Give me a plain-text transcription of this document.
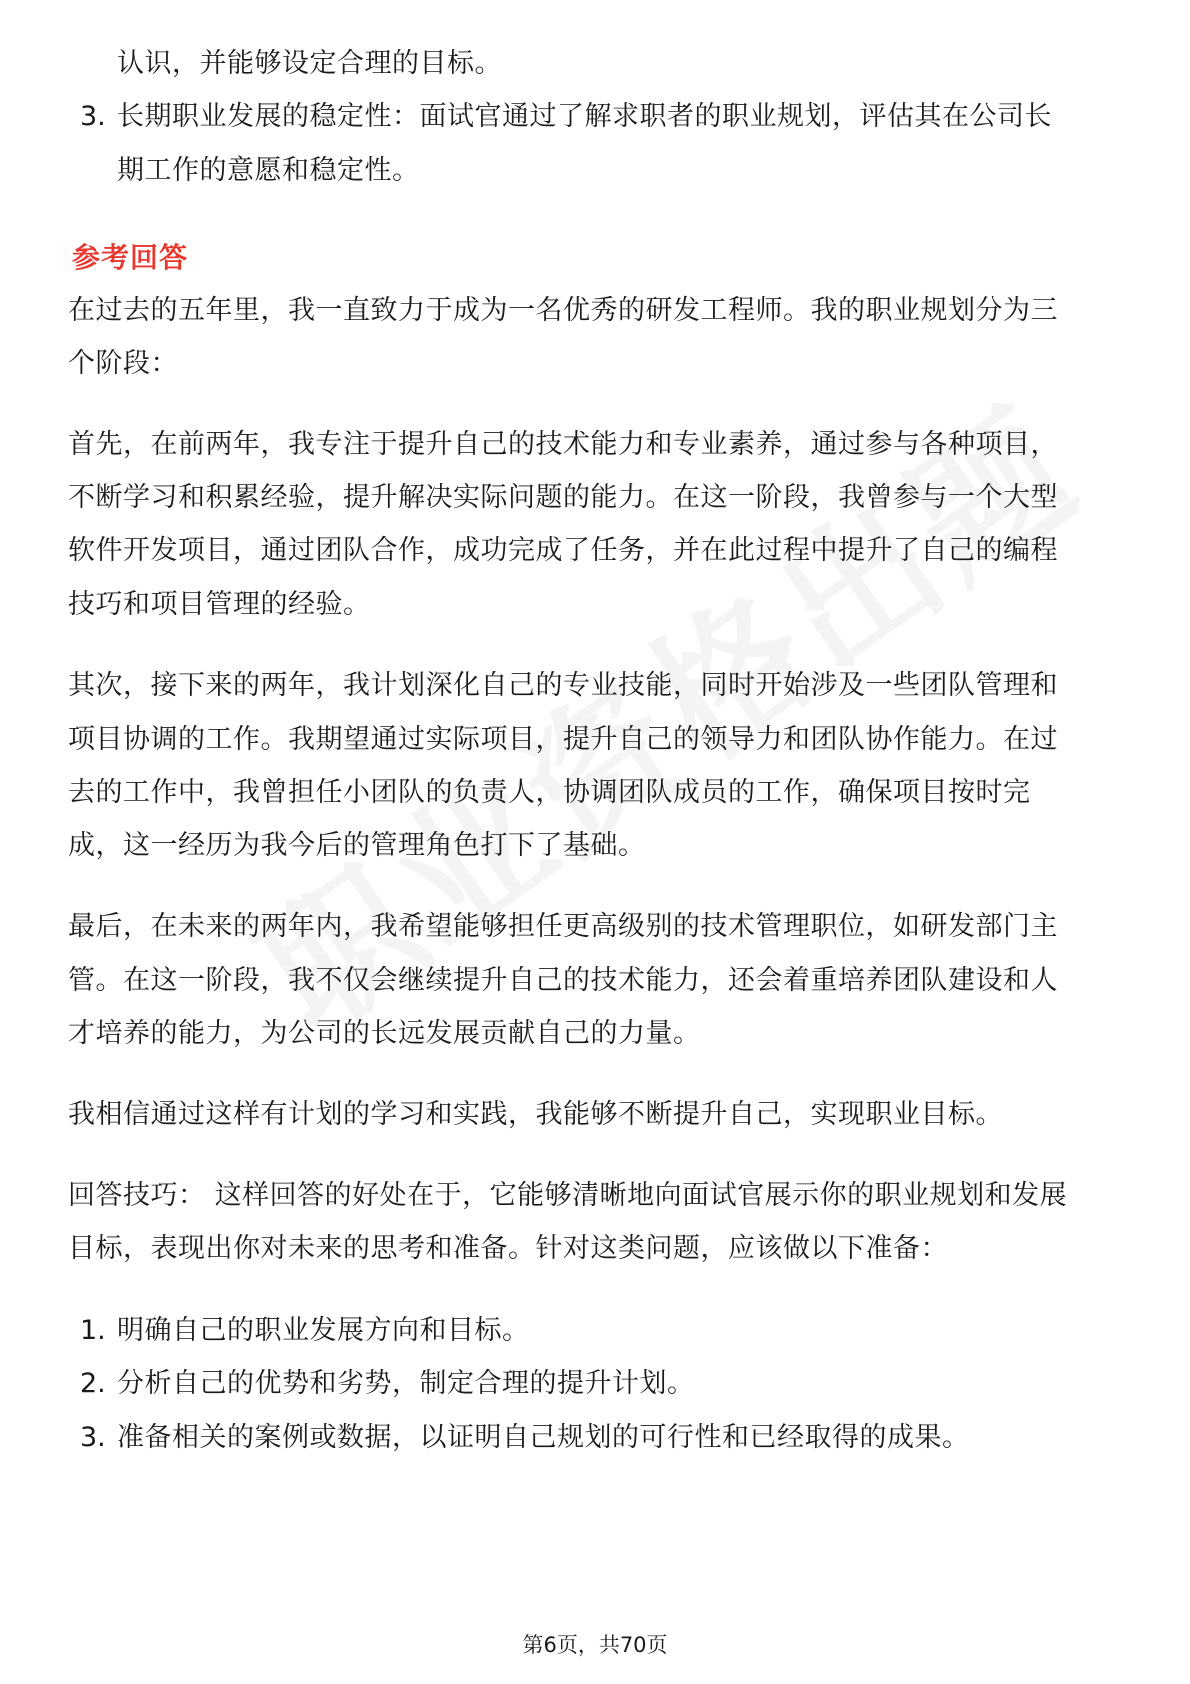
认识，并能够设定合理的目标。
3. 长期职业发展的稳定性：面试官通过了解求职者的职业规划，评估其在公司长
期工作的意愿和稳定性。
参考回答
在过去的五年里，我一直致力于成为一名优秀的研发工程师。我的职业规划分为三
个阶段：
首先，在前两年，我专注于提升自己的技术能力和专业素养，通过参与各种项目，
不断学习和积累经验，提升解决实际问题的能力。在这一阶段，我曾参与一个大型
软件开发项目，通过团队合作，成功完成了任务，并在此过程中提升了自己的编程
技巧和项目管理的经验。
其次，接下来的两年，我计划深化自己的专业技能，同时开始涉及一些团队管理和
项目协调的工作。我期望通过实际项目，提升自己的领导力和团队协作能力。在过
去的工作中，我曾担任小团队的负责人，协调团队成员的工作，确保项目按时完
成，这一经历为我今后的管理角色打下了基础。
最后，在未来的两年内，我希望能够担任更高级别的技术管理职位，如研发部门主
管。在这一阶段，我不仅会继续提升自己的技术能力，还会着重培养团队建设和人
才培养的能力，为公司的长远发展贡献自己的力量。
我相信通过这样有计划的学习和实践，我能够不断提升自己，实现职业目标。
回答技巧： 这样回答的好处在于，它能够清晰地向面试官展示你的职业规划和发展
目标，表现出你对未来的思考和准备。针对这类问题，应该做以下准备：
1. 明确自己的职业发展方向和目标。
2. 分析自己的优势和劣势，制定合理的提升计划。
3. 准备相关的案例或数据，以证明自己规划的可行性和已经取得的成果。
第6页，共70页
